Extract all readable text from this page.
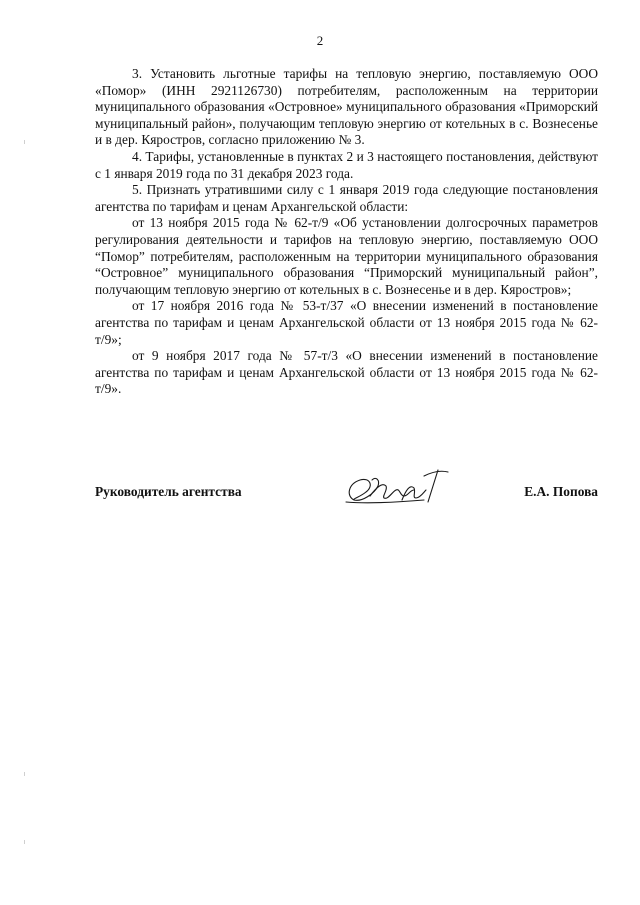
2

3. Установить льготные тарифы на тепловую энергию, поставляемую ООО «Помор» (ИНН 2921126730) потребителям, расположенным на территории муниципального образования «Островное» муниципального образования «Приморский муниципальный район», получающим тепловую энергию от котельных в с. Вознесенье и в дер. Кяростров, согласно приложению № 3.

4. Тарифы, установленные в пунктах 2 и 3 настоящего постановления, действуют с 1 января 2019 года по 31 декабря 2023 года.

5. Признать утратившими силу с 1 января 2019 года следующие постановления агентства по тарифам и ценам Архангельской области:

от 13 ноября 2015 года № 62-т/9 «Об установлении долгосрочных параметров регулирования деятельности и тарифов на тепловую энергию, поставляемую ООО “Помор” потребителям, расположенным на территории муниципального образования “Островное” муниципального образования “Приморский муниципальный район”, получающим тепловую энергию от котельных в с. Вознесенье и в дер. Кяростров»;

от 17 ноября 2016 года № 53-т/37 «О внесении изменений в постановление агентства по тарифам и ценам Архангельской области от 13 ноября 2015 года № 62-т/9»;

от 9 ноября 2017 года № 57-т/3 «О внесении изменений в постановление агентства по тарифам и ценам Архангельской области от 13 ноября 2015 года № 62-т/9».

Руководитель агентства	Е.А. Попова
